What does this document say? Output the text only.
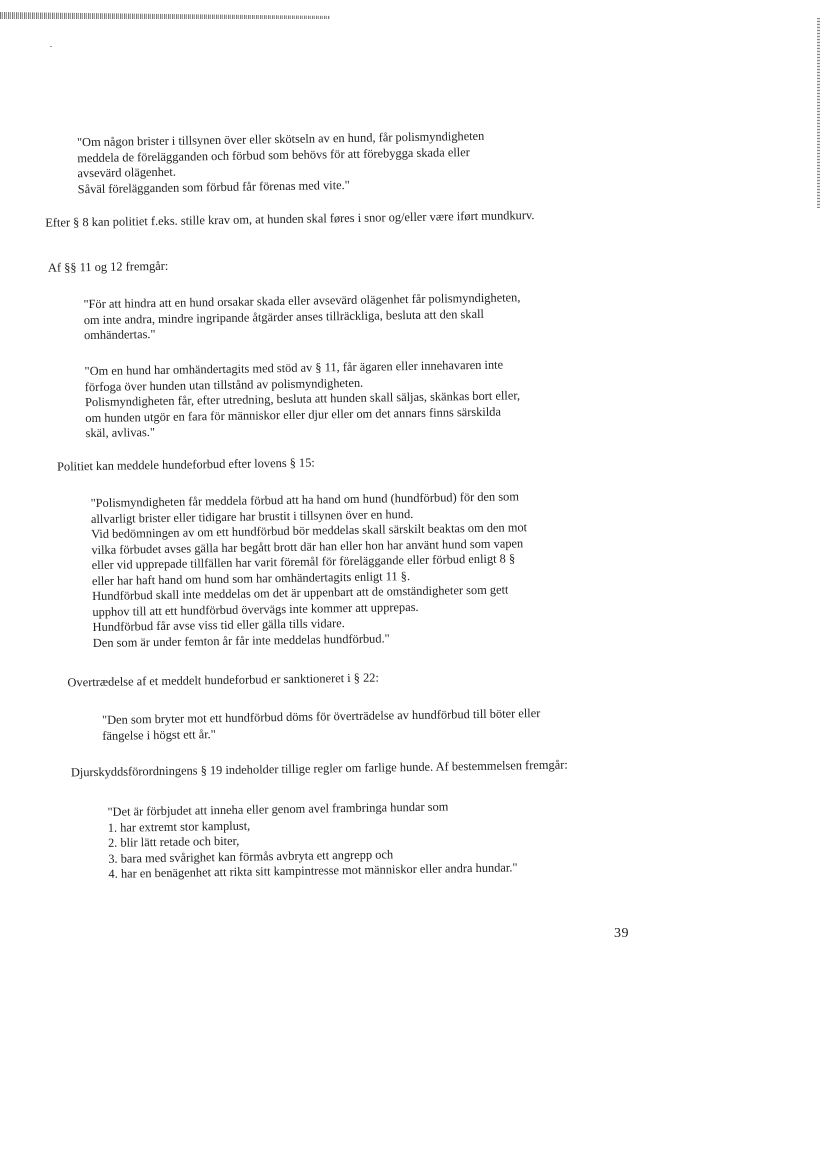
"Om någon brister i tillsynen över eller skötseln av en hund, får polismyndigheten
meddela de förelägganden och förbud som behövs för att förebygga skada eller
avsevärd olägenhet.
Såväl förelägganden som förbud får förenas med vite."
Efter § 8 kan politiet f.eks. stille krav om, at hunden skal føres i snor og/eller være iført mundkurv.
Af §§ 11 og 12 fremgår:
"För att hindra att en hund orsakar skada eller avsevärd olägenhet får polismyndigheten,
om inte andra, mindre ingripande åtgärder anses tillräckliga, besluta att den skall
omhändertas."
"Om en hund har omhändertagits med stöd av § 11, får ägaren eller innehavaren inte
förfoga över hunden utan tillstånd av polismyndigheten.
Polismyndigheten får, efter utredning, besluta att hunden skall säljas, skänkas bort eller,
om hunden utgör en fara för människor eller djur eller om det annars finns särskilda
skäl, avlivas."
Politiet kan meddele hundeforbud efter lovens § 15:
"Polismyndigheten får meddela förbud att ha hand om hund (hundförbud) för den som
allvarligt brister eller tidigare har brustit i tillsynen över en hund.
Vid bedömningen av om ett hundförbud bör meddelas skall särskilt beaktas om den mot
vilka förbudet avses gälla har begått brott där han eller hon har använt hund som vapen
eller vid upprepade tillfällen har varit föremål för föreläggande eller förbud enligt 8 §
eller har haft hand om hund som har omhändertagits enligt 11 §.
Hundförbud skall inte meddelas om det är uppenbart att de omständigheter som gett
upphov till att ett hundförbud övervägs inte kommer att upprepas.
Hundförbud får avse viss tid eller gälla tills vidare.
Den som är under femton år får inte meddelas hundförbud."
Overtrædelse af et meddelt hundeforbud er sanktioneret i § 22:
"Den som bryter mot ett hundförbud döms för överträdelse av hundförbud till böter eller
fängelse i högst ett år."
Djurskyddsförordningens § 19 indeholder tillige regler om farlige hunde. Af bestemmelsen fremgår:
"Det är förbjudet att inneha eller genom avel frambringa hundar som
1. har extremt stor kamplust,
2. blir lätt retade och biter,
3. bara med svårighet kan förmås avbryta ett angrepp och
4. har en benägenhet att rikta sitt kampintresse mot människor eller andra hundar."
39
